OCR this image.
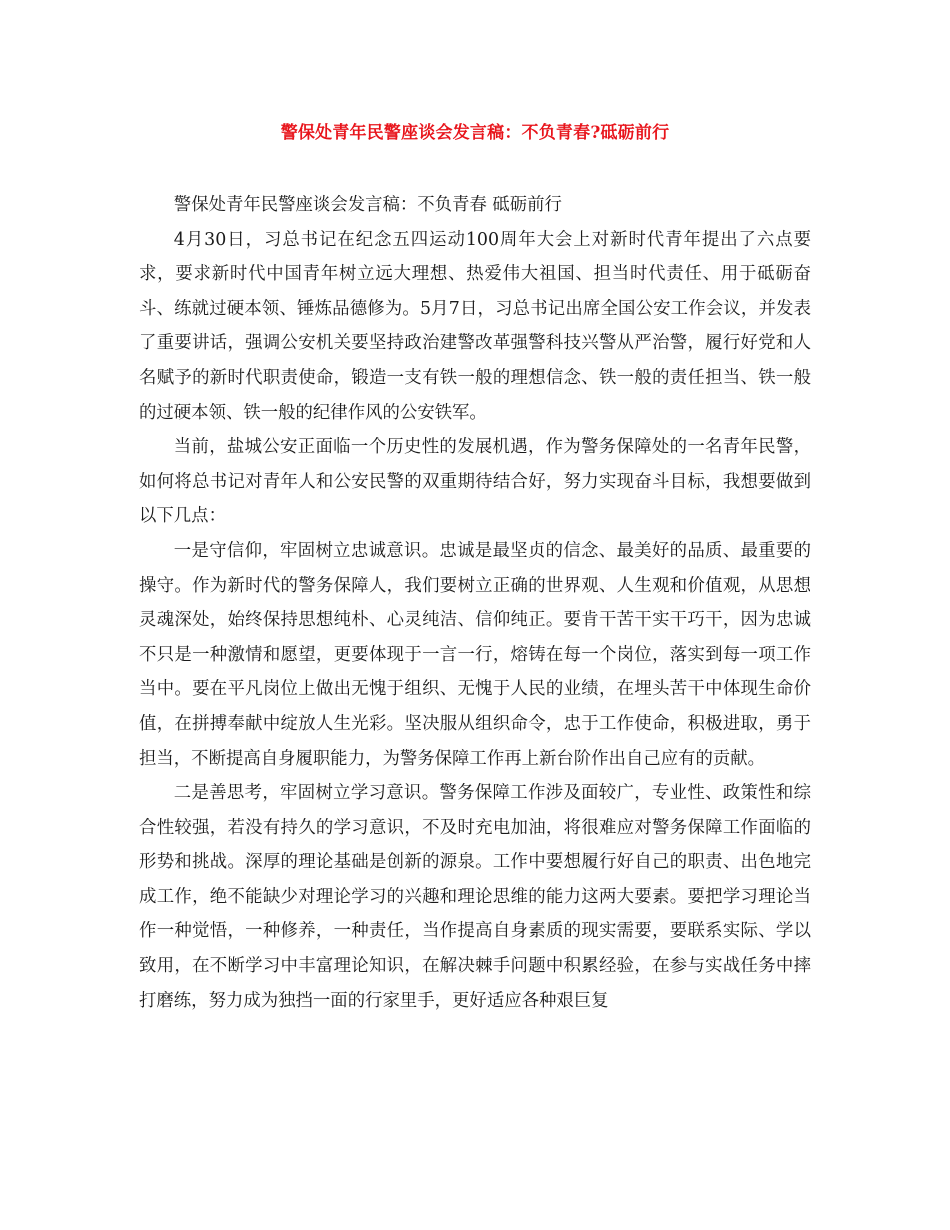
警保处青年民警座谈会发言稿：不负青春?砥砺前行

警保处青年民警座谈会发言稿：不负青春 砥砺前行

4月30日，习总书记在纪念五四运动100周年大会上对新时代青年提出了六点要求，要求新时代中国青年树立远大理想、热爱伟大祖国、担当时代责任、用于砥砺奋斗、练就过硬本领、锤炼品德修为。5月7日，习总书记出席全国公安工作会议，并发表了重要讲话，强调公安机关要坚持政治建警改革强警科技兴警从严治警，履行好党和人名赋予的新时代职责使命，锻造一支有铁一般的理想信念、铁一般的责任担当、铁一般的过硬本领、铁一般的纪律作风的公安铁军。

当前，盐城公安正面临一个历史性的发展机遇，作为警务保障处的一名青年民警，如何将总书记对青年人和公安民警的双重期待结合好，努力实现奋斗目标，我想要做到以下几点：

一是守信仰，牢固树立忠诚意识。忠诚是最坚贞的信念、最美好的品质、最重要的操守。作为新时代的警务保障人，我们要树立正确的世界观、人生观和价值观，从思想灵魂深处，始终保持思想纯朴、心灵纯洁、信仰纯正。要肯干苦干实干巧干，因为忠诚不只是一种激情和愿望，更要体现于一言一行，熔铸在每一个岗位，落实到每一项工作当中。要在平凡岗位上做出无愧于组织、无愧于人民的业绩，在埋头苦干中体现生命价值，在拼搏奉献中绽放人生光彩。坚决服从组织命令，忠于工作使命，积极进取，勇于担当，不断提高自身履职能力，为警务保障工作再上新台阶作出自己应有的贡献。

二是善思考，牢固树立学习意识。警务保障工作涉及面较广，专业性、政策性和综合性较强，若没有持久的学习意识，不及时充电加油，将很难应对警务保障工作面临的形势和挑战。深厚的理论基础是创新的源泉。工作中要想履行好自己的职责、出色地完成工作，绝不能缺少对理论学习的兴趣和理论思维的能力这两大要素。要把学习理论当作一种觉悟，一种修养，一种责任，当作提高自身素质的现实需要，要联系实际、学以致用，在不断学习中丰富理论知识，在解决棘手问题中积累经验，在参与实战任务中摔打磨练，努力成为独挡一面的行家里手，更好适应各种艰巨复
